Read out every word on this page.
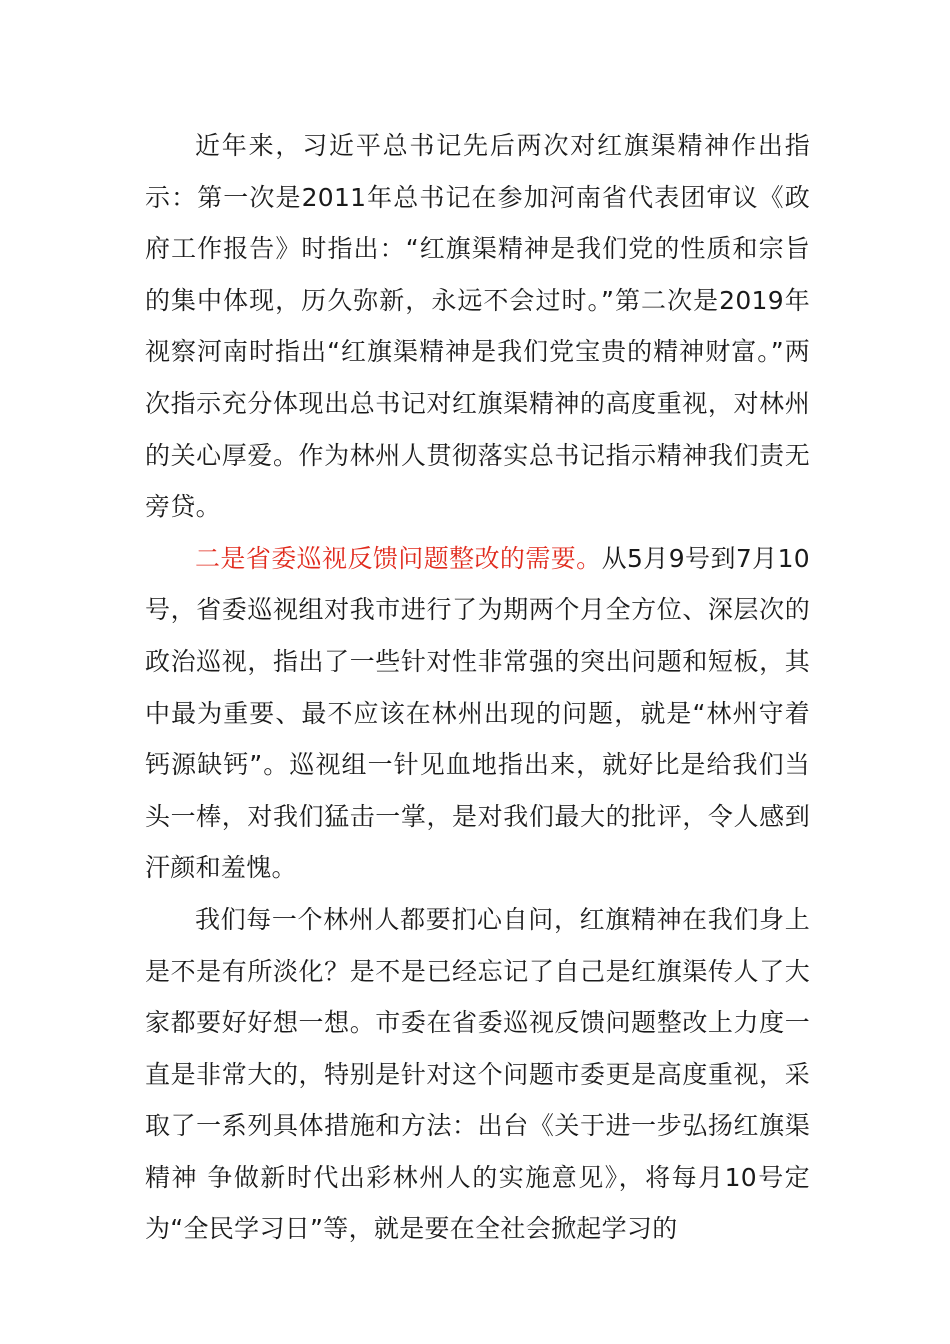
近年来，习近平总书记先后两次对红旗渠精神作出指示：第一次是2011年总书记在参加河南省代表团审议《政府工作报告》时指出：“红旗渠精神是我们党的性质和宗旨的集中体现，历久弥新，永远不会过时。”第二次是2019年视察河南时指出“红旗渠精神是我们党宝贵的精神财富。”两次指示充分体现出总书记对红旗渠精神的高度重视，对林州的关心厚爱。作为林州人贯彻落实总书记指示精神我们责无旁贷。

二是省委巡视反馈问题整改的需要。从5月9号到7月10号，省委巡视组对我市进行了为期两个月全方位、深层次的政治巡视，指出了一些针对性非常强的突出问题和短板，其中最为重要、最不应该在林州出现的问题，就是“林州守着钙源缺钙”。巡视组一针见血地指出来，就好比是给我们当头一棒，对我们猛击一掌，是对我们最大的批评，令人感到汗颜和羞愧。

我们每一个林州人都要扪心自问，红旗精神在我们身上是不是有所淡化？是不是已经忘记了自己是红旗渠传人了大家都要好好想一想。市委在省委巡视反馈问题整改上力度一直是非常大的，特别是针对这个问题市委更是高度重视，采取了一系列具体措施和方法：出台《关于进一步弘扬红旗渠精神 争做新时代出彩林州人的实施意见》，将每月10号定为“全民学习日”等，就是要在全社会掀起学习的
